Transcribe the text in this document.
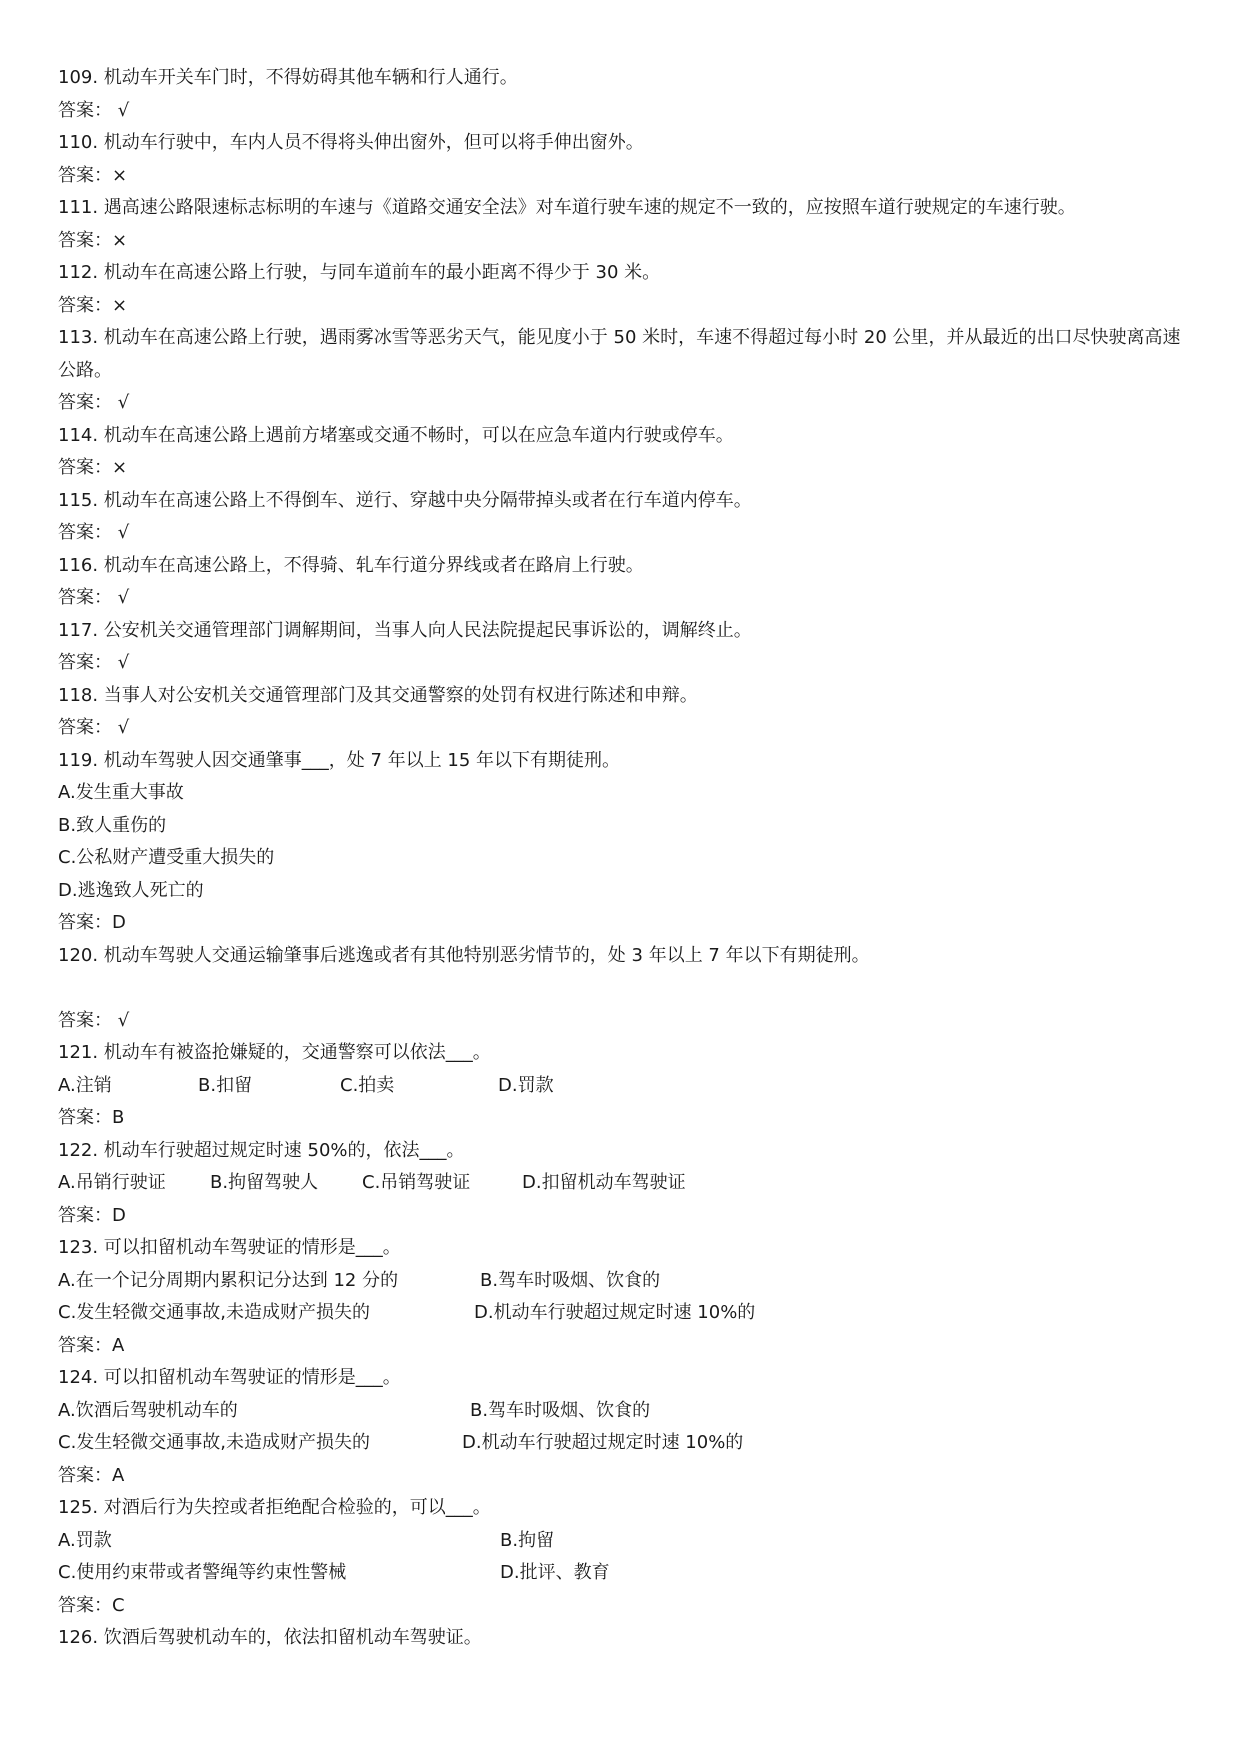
109. 机动车开关车门时，不得妨碍其他车辆和行人通行。
答案： √
110. 机动车行驶中，车内人员不得将头伸出窗外，但可以将手伸出窗外。
答案：×
111. 遇高速公路限速标志标明的车速与《道路交通安全法》对车道行驶车速的规定不一致的，应按照车道行驶规定的车速行驶。
答案：×
112. 机动车在高速公路上行驶，与同车道前车的最小距离不得少于 30 米。
答案：×
113. 机动车在高速公路上行驶，遇雨雾冰雪等恶劣天气，能见度小于 50 米时，车速不得超过每小时 20 公里，并从最近的出口尽快驶离高速公路。
答案： √
114. 机动车在高速公路上遇前方堵塞或交通不畅时，可以在应急车道内行驶或停车。
答案：×
115. 机动车在高速公路上不得倒车、逆行、穿越中央分隔带掉头或者在行车道内停车。
答案： √
116. 机动车在高速公路上，不得骑、轧车行道分界线或者在路肩上行驶。
答案： √
117. 公安机关交通管理部门调解期间，当事人向人民法院提起民事诉讼的，调解终止。
答案： √
118. 当事人对公安机关交通管理部门及其交通警察的处罚有权进行陈述和申辩。
答案： √
119. 机动车驾驶人因交通肇事___，处 7 年以上 15 年以下有期徒刑。
A.发生重大事故
B.致人重伤的
C.公私财产遭受重大损失的
D.逃逸致人死亡的
答案：D
120. 机动车驾驶人交通运输肇事后逃逸或者有其他特别恶劣情节的，处 3 年以上 7 年以下有期徒刑。
答案： √
121. 机动车有被盗抢嫌疑的，交通警察可以依法___。
A.注销	B.扣留	C.拍卖	D.罚款
答案：B
122. 机动车行驶超过规定时速 50%的，依法___。
A.吊销行驶证	B.拘留驾驶人	C.吊销驾驶证	D.扣留机动车驾驶证
答案：D
123. 可以扣留机动车驾驶证的情形是___。
A.在一个记分周期内累积记分达到 12 分的	B.驾车时吸烟、饮食的
C.发生轻微交通事故,未造成财产损失的	D.机动车行驶超过规定时速 10%的
答案：A
124. 可以扣留机动车驾驶证的情形是___。
A.饮酒后驾驶机动车的	B.驾车时吸烟、饮食的
C.发生轻微交通事故,未造成财产损失的	D.机动车行驶超过规定时速 10%的
答案：A
125. 对酒后行为失控或者拒绝配合检验的，可以___。
A.罚款	B.拘留
C.使用约束带或者警绳等约束性警械	D.批评、教育
答案：C
126. 饮酒后驾驶机动车的，依法扣留机动车驾驶证。
